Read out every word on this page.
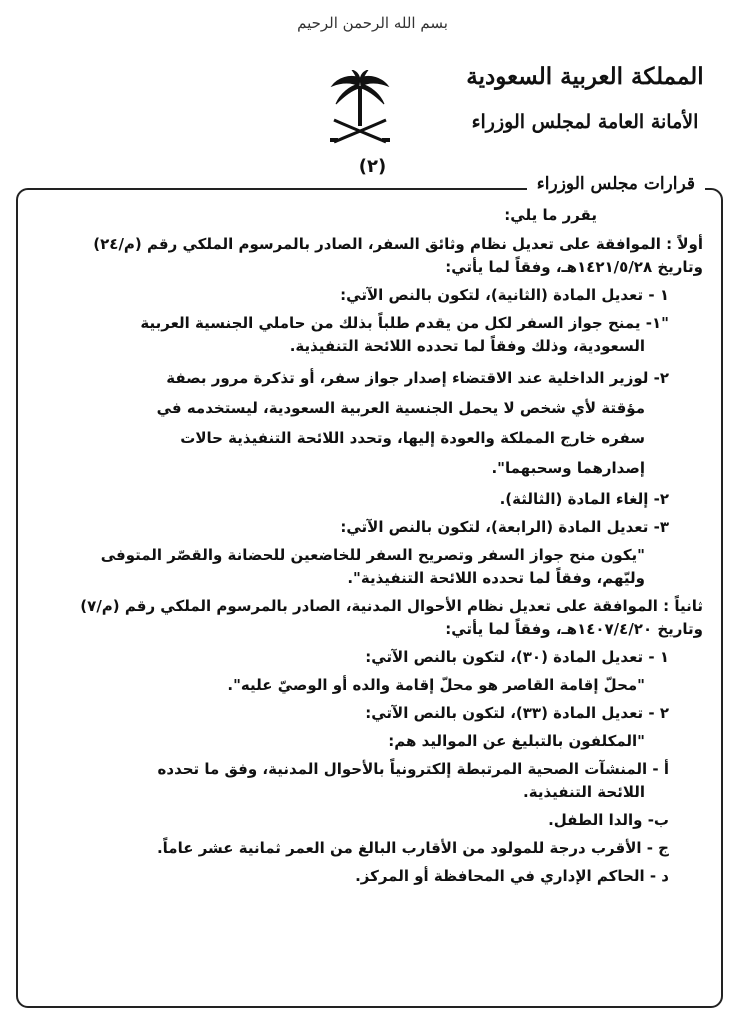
بسم الله الرحمن الرحيم
المملكة العربية السعودية
الأمانة العامة لمجلس الوزراء
(٢)
قرارات مجلس الوزراء

يقرر ما يلي:

أولاً : الموافقة على تعديل نظام وثائق السفر، الصادر بالمرسوم الملكي رقم (م/٢٤)

وتاريخ ١٤٢١/٥/٢٨هـ، وفقاً لما يأتي:

١ - تعديل المادة (الثانية)، لتكون بالنص الآتي:

"١- يمنح جواز السفر لكل من يقدم طلباً بذلك من حاملي الجنسية العربية

السعودية، وذلك وفقاً لما تحدده اللائحة التنفيذية.

٢- لوزير الداخلية عند الاقتضاء إصدار جواز سفر، أو تذكرة مرور بصفة

مؤقتة لأي شخص لا يحمل الجنسية العربية السعودية، ليستخدمه في

سفره خارج المملكة والعودة إليها، وتحدد اللائحة التنفيذية حالات

إصدارهما وسحبهما".

٢- إلغاء المادة (الثالثة).

٣- تعديل المادة (الرابعة)، لتكون بالنص الآتي:

"يكون منح جواز السفر وتصريح السفر للخاضعين للحضانة والقصّر المتوفى

وليّهم، وفقاً لما تحدده اللائحة التنفيذية".

ثانياً : الموافقة على تعديل نظام الأحوال المدنية، الصادر بالمرسوم الملكي رقم (م/٧)

وتاريخ ١٤٠٧/٤/٢٠هـ، وفقاً لما يأتي:

١ - تعديل المادة (٣٠)، لتكون بالنص الآتي:

"محلّ إقامة القاصر هو محلّ إقامة والده أو الوصيّ عليه".

٢ - تعديل المادة (٣٣)، لتكون بالنص الآتي:

"المكلفون بالتبليغ عن المواليد هم:

أ - المنشآت الصحية المرتبطة إلكترونياً بالأحوال المدنية، وفق ما تحدده

اللائحة التنفيذية.

ب- والدا الطفل.

ج - الأقرب درجة للمولود من الأقارب البالغ من العمر ثمانية عشر عاماً.

د - الحاكم الإداري في المحافظة أو المركز.
